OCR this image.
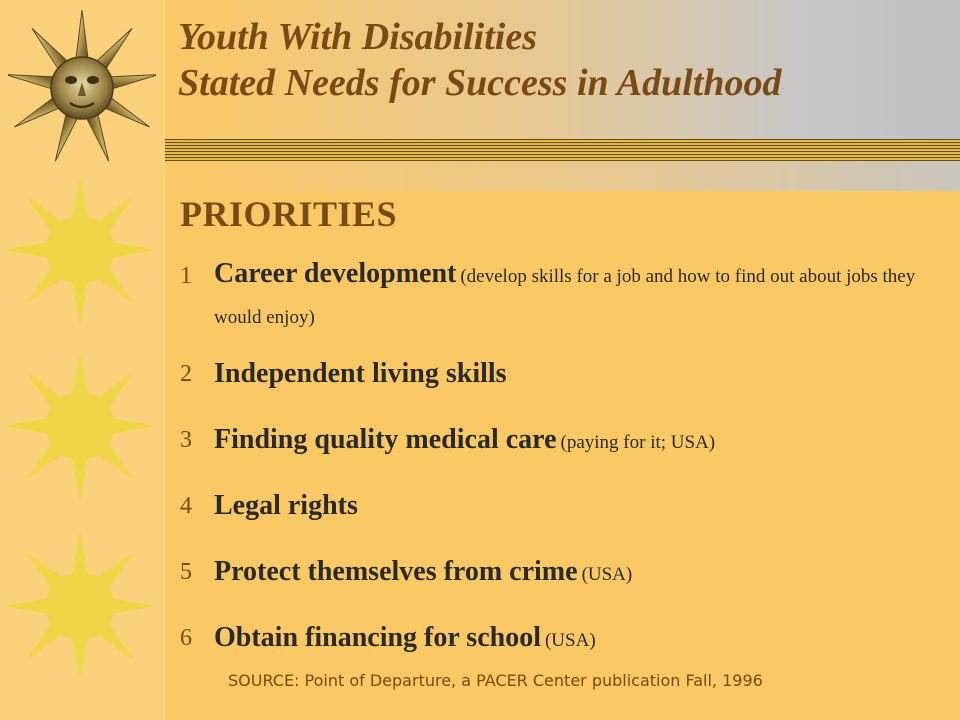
Youth With Disabilities
Stated Needs for Success in Adulthood
PRIORITIES
1 Career development (develop skills for a job and how to find out about jobs they would enjoy)
2 Independent living skills
3 Finding quality medical care (paying for it; USA)
4 Legal rights
5 Protect themselves from crime (USA)
6 Obtain financing for school (USA)

SOURCE: Point of Departure, a PACER Center publication Fall, 1996
